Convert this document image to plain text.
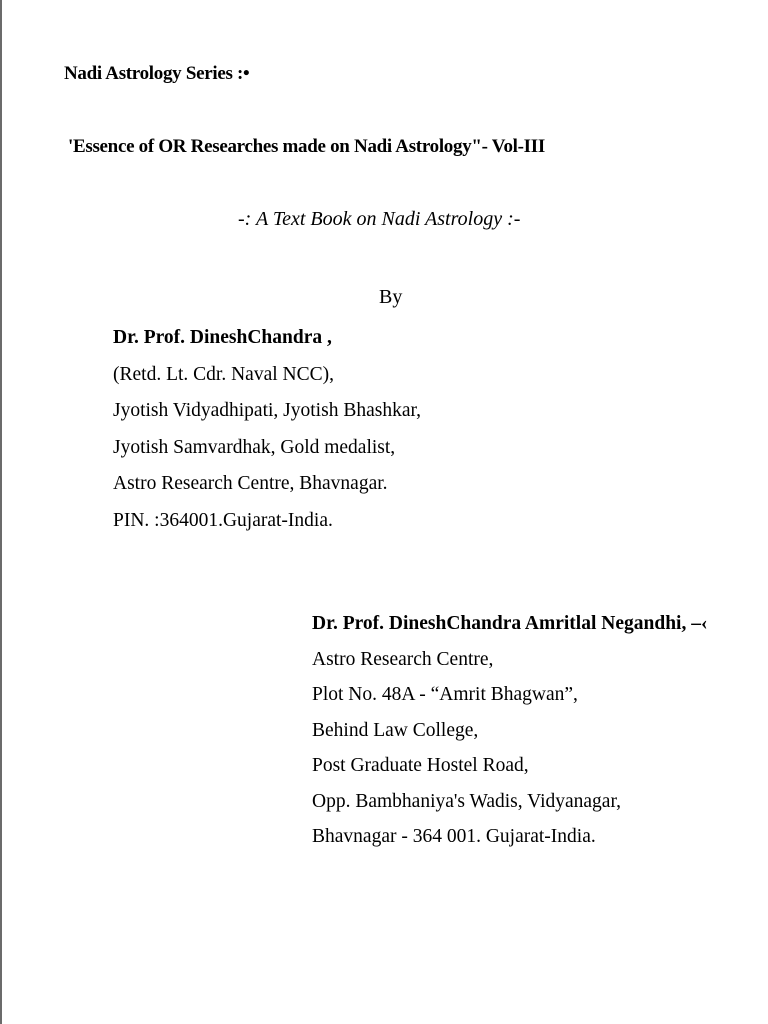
Nadi Astrology Series :•
'Essence of OR Researches made on Nadi Astrology"- Vol-III
-: A Text Book on Nadi Astrology :-
By
Dr. Prof. DineshChandra ,
(Retd. Lt. Cdr. Naval NCC),
Jyotish Vidyadhipati, Jyotish Bhashkar,
Jyotish Samvardhak, Gold medalist,
Astro Research Centre, Bhavnagar.
PIN. :364001.Gujarat-India.
Dr. Prof. DineshChandra Amritlal Negandhi, –‹
Astro Research Centre,
Plot No. 48A - “Amrit Bhagwan”,
Behind Law College,
Post Graduate Hostel Road,
Opp. Bambhaniya's Wadis, Vidyanagar,
Bhavnagar - 364 001. Gujarat-India.
